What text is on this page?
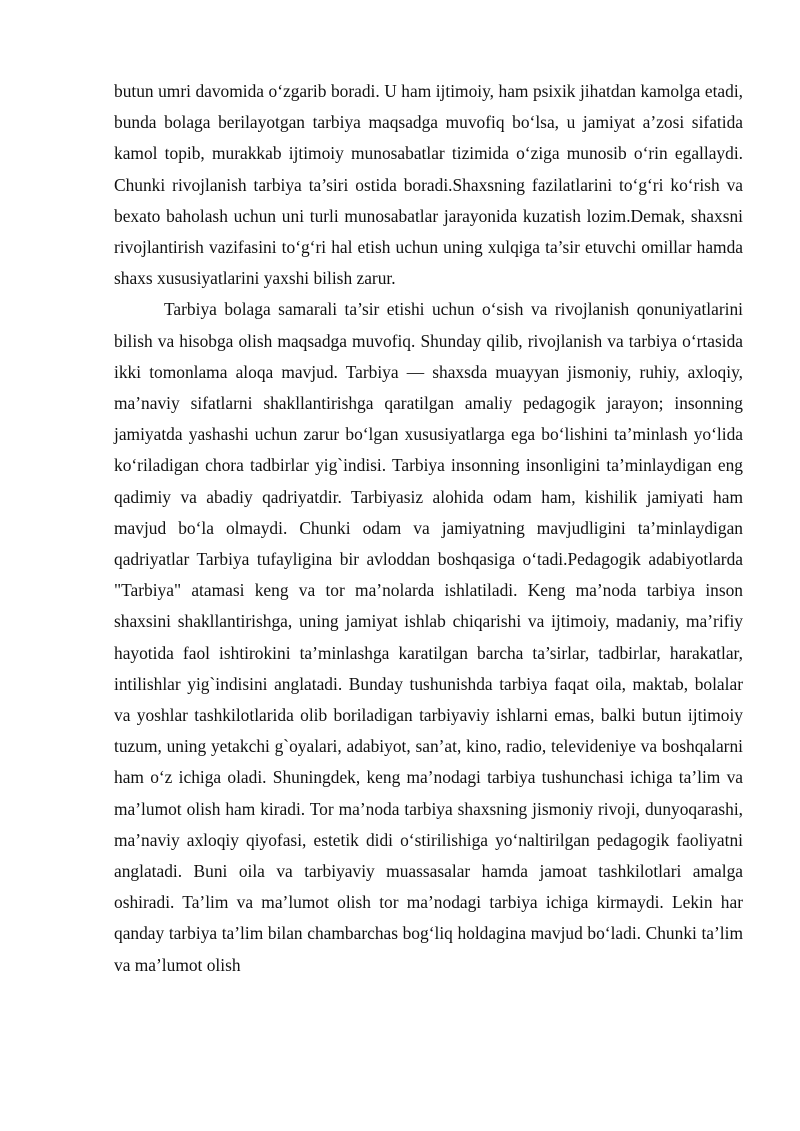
butun umri davomida o‘zgarib boradi. U ham ijtimoiy, ham psixik jihatdan kamolga etadi, bunda bolaga berilayotgan tarbiya maqsadga muvofiq bo‘lsa, u jamiyat a’zosi sifatida kamol topib, murakkab ijtimoiy munosabatlar tizimida o‘ziga munosib o‘rin egallaydi. Chunki rivojlanish tarbiya ta’siri ostida boradi.Shaxsning fazilatlarini to‘g‘ri ko‘rish va bexato baholash uchun uni turli munosabatlar jarayonida kuzatish lozim.Demak, shaxsni rivojlantirish vazifasini to‘g‘ri hal etish uchun uning xulqiga ta’sir etuvchi omillar hamda shaxs xususiyatlarini yaxshi bilish zarur.

Tarbiya bolaga samarali ta’sir etishi uchun o‘sish va rivojlanish qonuniyatlarini bilish va hisobga olish maqsadga muvofiq. Shunday qilib, rivojlanish va tarbiya o‘rtasida ikki tomonlama aloqa mavjud. Tarbiya — shaxsda muayyan jismoniy, ruhiy, axloqiy, ma’naviy sifatlarni shakllantirishga qaratilgan amaliy pedagogik jarayon; insonning jamiyatda yashashi uchun zarur bo‘lgan xususiyatlarga ega bo‘lishini ta’minlash yo‘lida ko‘riladigan chora tadbirlar yig`indisi. Tarbiya insonning insonligini ta’minlaydigan eng qadimiy va abadiy qadriyatdir. Tarbiyasiz alohida odam ham, kishilik jamiyati ham mavjud bo‘la olmaydi. Chunki odam va jamiyatning mavjudligini ta’minlaydigan qadriyatlar Tarbiya tufayligina bir avloddan boshqasiga o‘tadi.Pedagogik adabiyotlarda "Tarbiya" atamasi keng va tor ma’nolarda ishlatiladi. Keng ma’noda tarbiya inson shaxsini shakllantirishga, uning jamiyat ishlab chiqarishi va ijtimoiy, madaniy, ma’rifiy hayotida faol ishtirokini ta’minlashga karatilgan barcha ta’sirlar, tadbirlar, harakatlar, intilishlar yig`indisini anglatadi. Bunday tushunishda tarbiya faqat oila, maktab, bolalar va yoshlar tashkilotlarida olib boriladigan tarbiyaviy ishlarni emas, balki butun ijtimoiy tuzum, uning yetakchi g`oyalari, adabiyot, san’at, kino, radio, televideniye va boshqalarni ham o‘z ichiga oladi. Shuningdek, keng ma’nodagi tarbiya tushunchasi ichiga ta’lim va ma’lumot olish ham kiradi. Tor ma’noda tarbiya shaxsning jismoniy rivoji, dunyoqarashi, ma’naviy axloqiy qiyofasi, estetik didi o‘stirilishiga yo‘naltirilgan pedagogik faoliyatni anglatadi. Buni oila va tarbiyaviy muassasalar hamda jamoat tashkilotlari amalga oshiradi. Ta’lim va ma’lumot olish tor ma’nodagi tarbiya ichiga kirmaydi. Lekin har qanday tarbiya ta’lim bilan chambarchas bog‘liq holdagina mavjud bo‘ladi. Chunki ta’lim va ma’lumot olish
